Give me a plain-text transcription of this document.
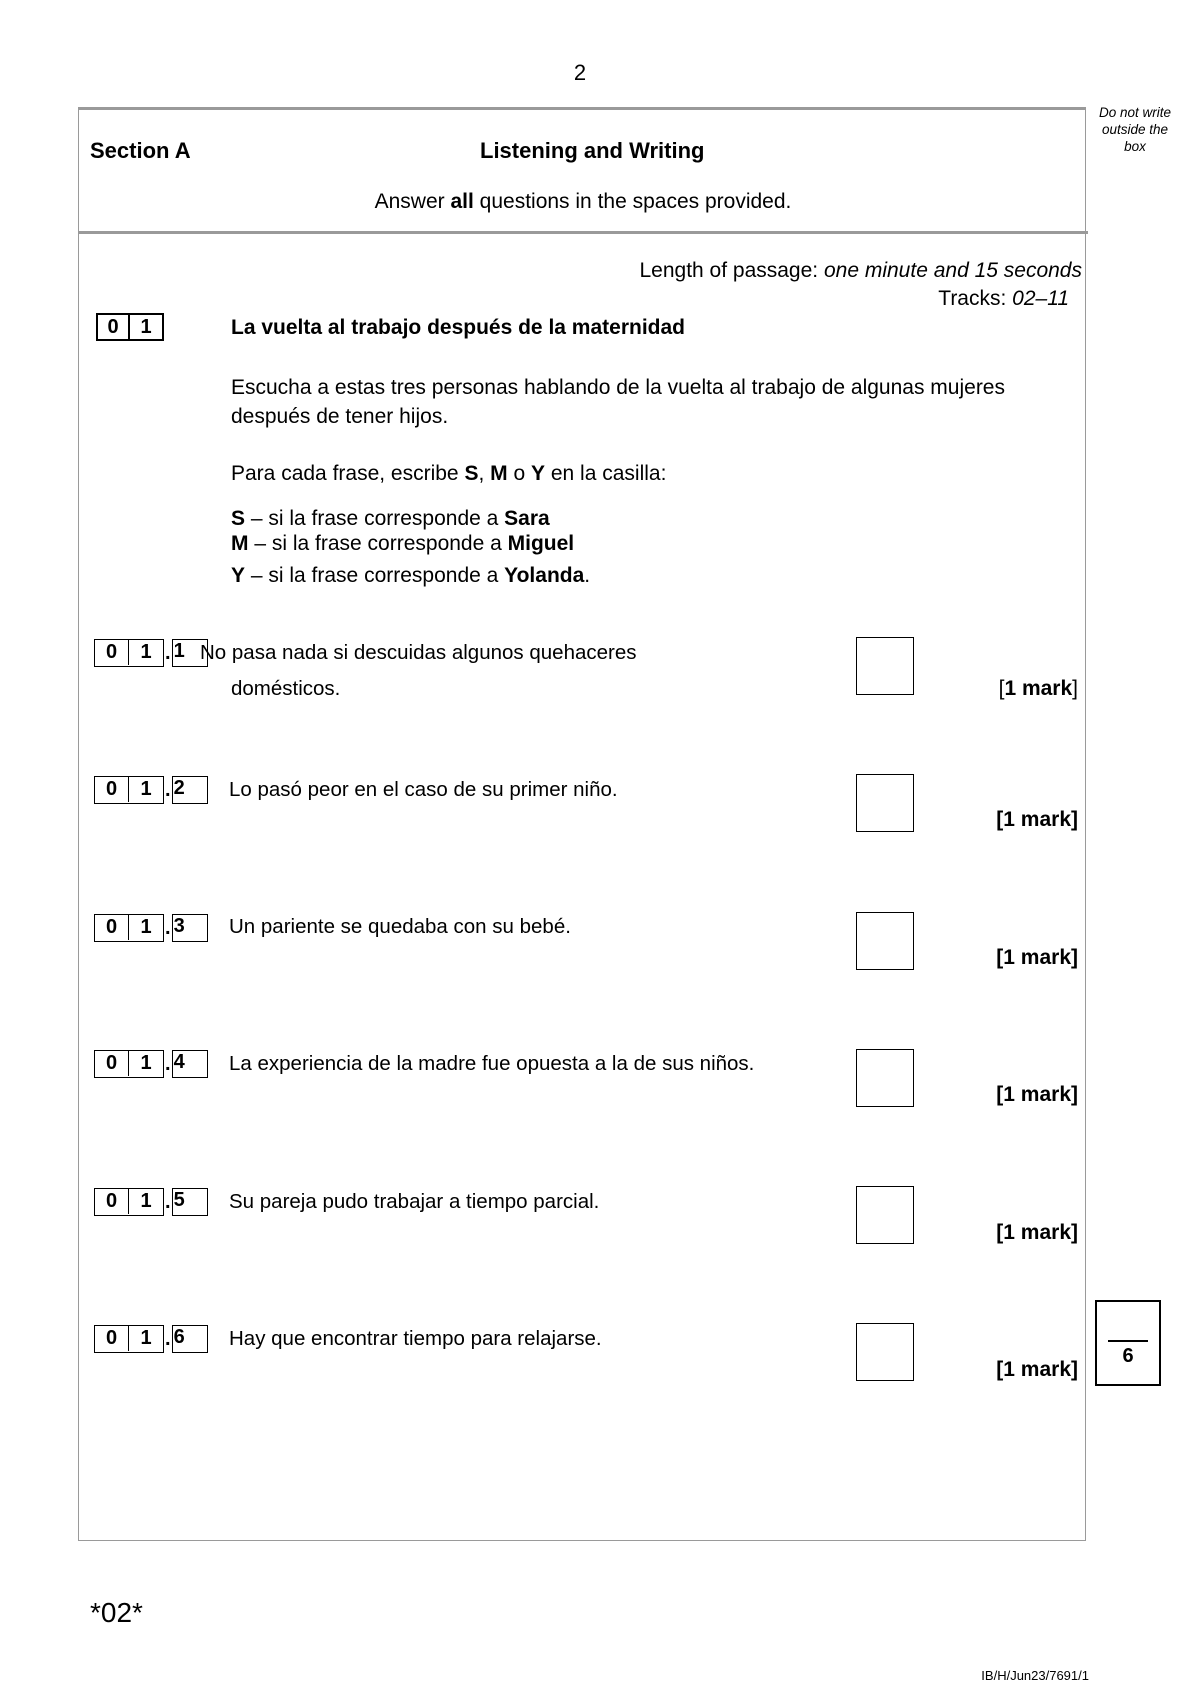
2
Do not write
outside the
box
Section A	Listening and Writing
Answer all questions in the spaces provided.
Length of passage: one minute and 15 seconds
Tracks: 02–11
0	1	La vuelta al trabajo después de la maternidad
Escucha a estas tres personas hablando de la vuelta al trabajo de algunas mujeres después de tener hijos.
Para cada frase, escribe S, M o Y en la casilla:
S – si la frase corresponde a Sara
M – si la frase corresponde a Miguel
Y – si la frase corresponde a Yolanda.
0	1 . 1 No pasa nada si descuidas algunos quehaceres
domésticos.	[1 mark]
0	1 . 2	Lo pasó peor en el caso de su primer niño.
[1 mark]
0	1 . 3	Un pariente se quedaba con su bebé.
[1 mark]
0	1 . 4	La experiencia de la madre fue opuesta a la de sus niños.
[1 mark]
0	1 . 5	Su pareja pudo trabajar a tiempo parcial.
[1 mark]
0	1 . 6	Hay que encontrar tiempo para relajarse.
[1 mark]
6
*02*
IB/H/Jun23/7691/1
